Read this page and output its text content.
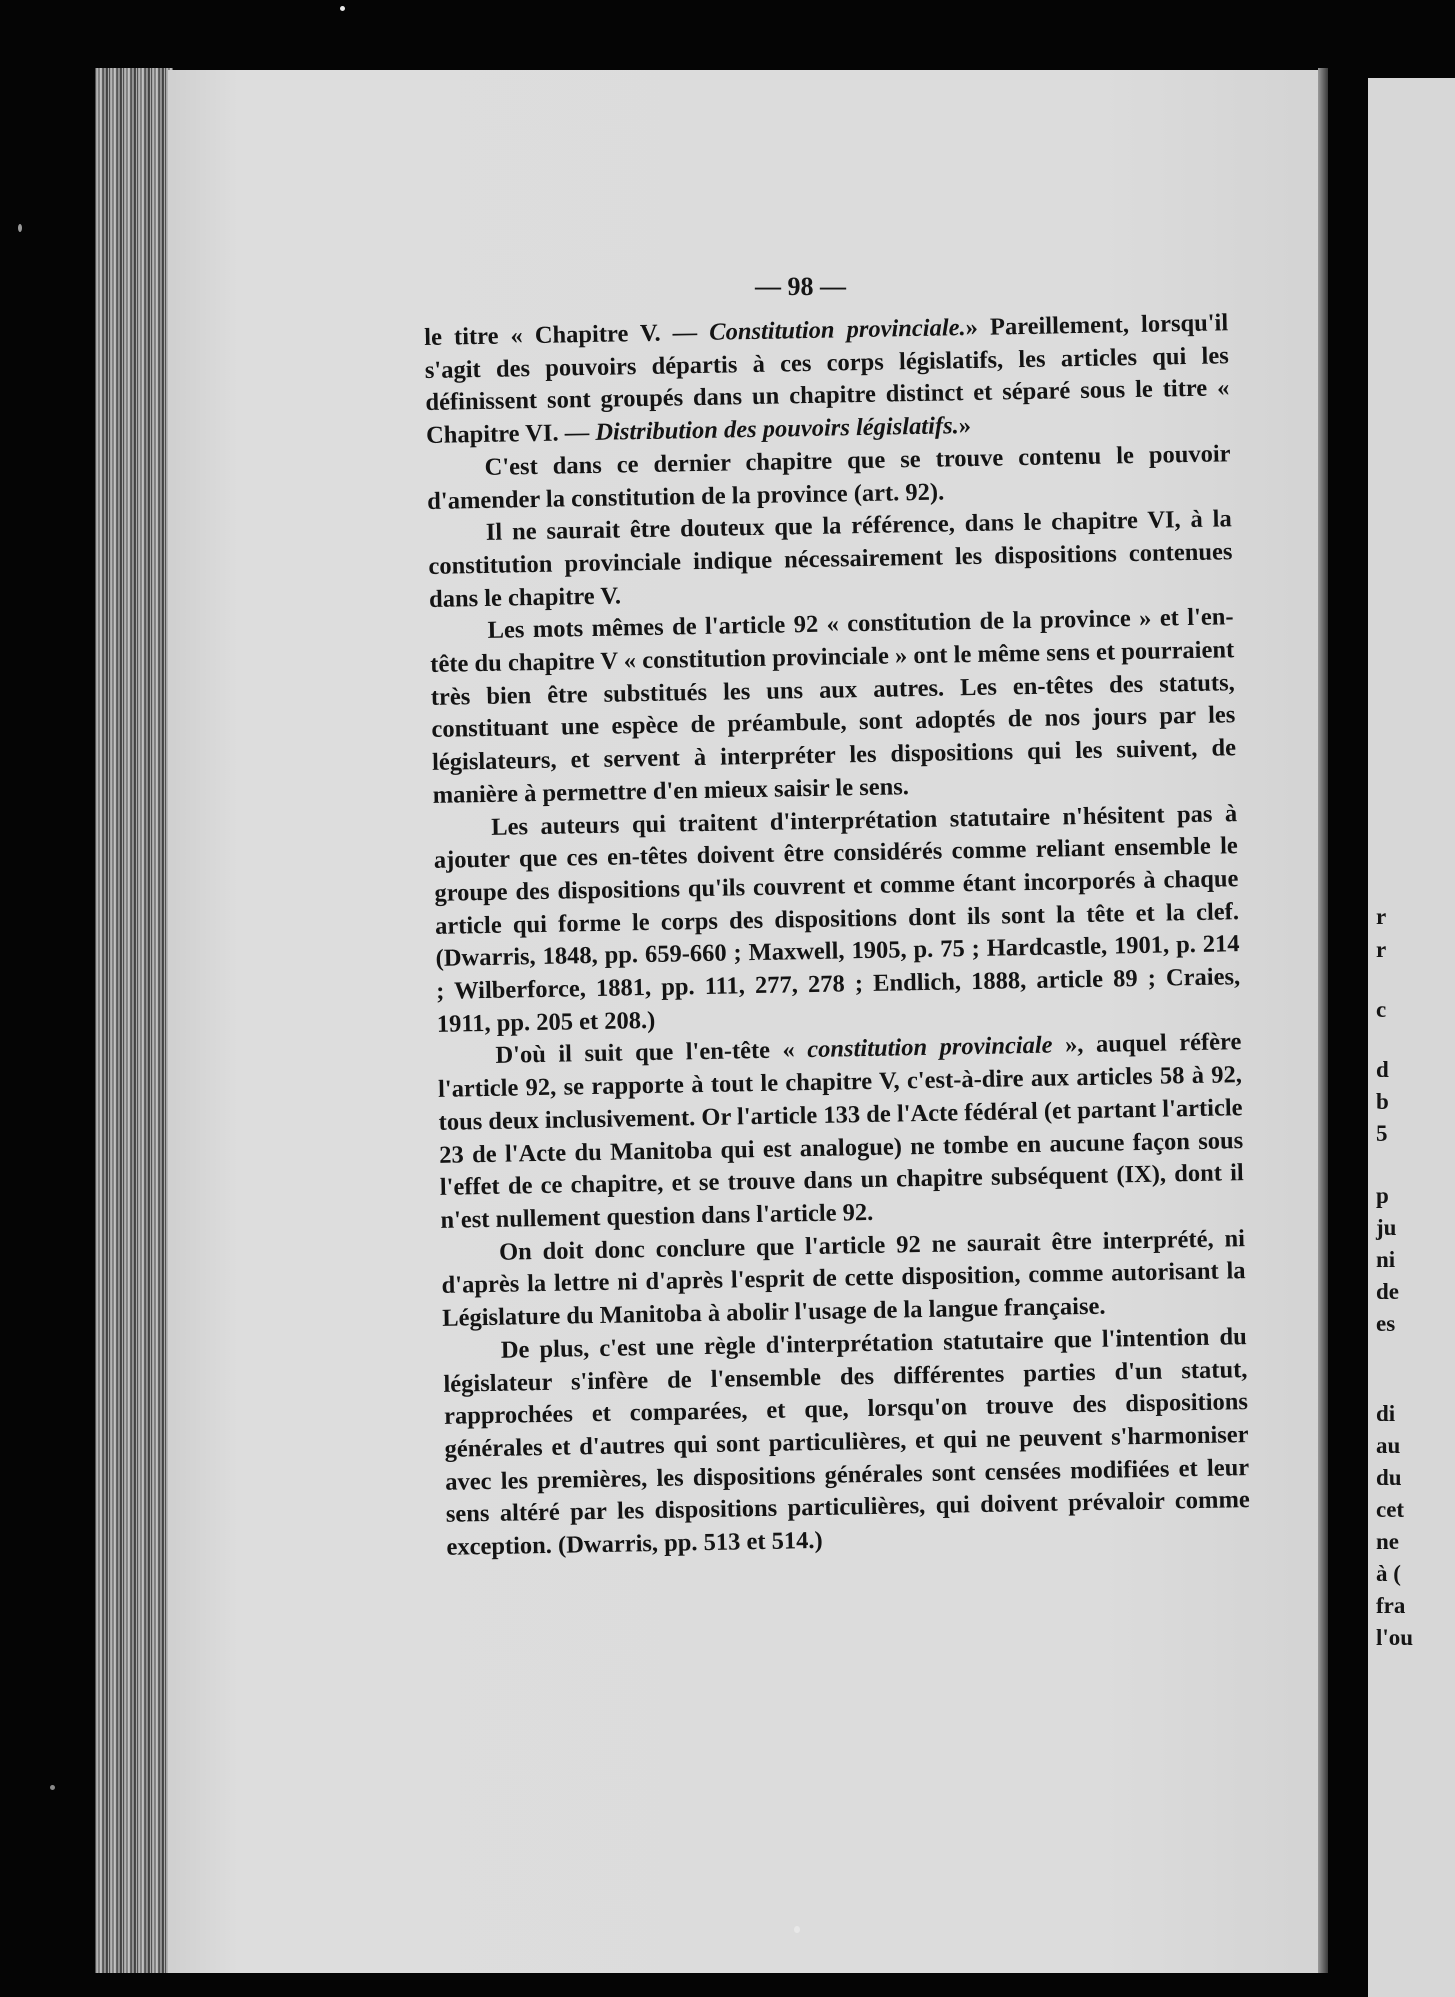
r
r
c
d
b
5
p
ju
ni
de
es
di
au
du
cet
ne
à (
fra
l'ou
— 98 —

le titre « Chapitre V. — Constitution provinciale.» Pareillement, lorsqu'il s'agit des pouvoirs départis à ces corps législatifs, les articles qui les définissent sont groupés dans un chapitre distinct et séparé sous le titre « Chapitre VI. — Distribution des pouvoirs législatifs.»

C'est dans ce dernier chapitre que se trouve contenu le pouvoir d'amender la constitution de la province (art. 92).

Il ne saurait être douteux que la référence, dans le chapitre VI, à la constitution provinciale indique nécessairement les dispositions contenues dans le chapitre V.

Les mots mêmes de l'article 92 « constitution de la province » et l'en-tête du chapitre V « constitution provinciale » ont le même sens et pourraient très bien être substitués les uns aux autres. Les en-têtes des statuts, constituant une espèce de préambule, sont adoptés de nos jours par les législateurs, et servent à interpréter les dispositions qui les suivent, de manière à permettre d'en mieux saisir le sens.

Les auteurs qui traitent d'interprétation statutaire n'hésitent pas à ajouter que ces en-têtes doivent être considérés comme reliant ensemble le groupe des dispositions qu'ils couvrent et comme étant incorporés à chaque article qui forme le corps des dispositions dont ils sont la tête et la clef. (Dwarris, 1848, pp. 659-660 ; Maxwell, 1905, p. 75 ; Hardcastle, 1901, p. 214 ; Wilberforce, 1881, pp. 111, 277, 278 ; Endlich, 1888, article 89 ; Craies, 1911, pp. 205 et 208.)

D'où il suit que l'en-tête « constitution provinciale », auquel réfère l'article 92, se rapporte à tout le chapitre V, c'est-à-dire aux articles 58 à 92, tous deux inclusivement. Or l'article 133 de l'Acte fédéral (et partant l'article 23 de l'Acte du Manitoba qui est analogue) ne tombe en aucune façon sous l'effet de ce chapitre, et se trouve dans un chapitre subséquent (IX), dont il n'est nullement question dans l'article 92.

On doit donc conclure que l'article 92 ne saurait être interprété, ni d'après la lettre ni d'après l'esprit de cette disposition, comme autorisant la Législature du Manitoba à abolir l'usage de la langue française.

De plus, c'est une règle d'interprétation statutaire que l'intention du législateur s'infère de l'ensemble des différentes parties d'un statut, rapprochées et comparées, et que, lorsqu'on trouve des dispositions générales et d'autres qui sont particulières, et qui ne peuvent s'harmoniser avec les premières, les dispositions générales sont censées modifiées et leur sens altéré par les dispositions particulières, qui doivent prévaloir comme exception. (Dwarris, pp. 513 et 514.)
